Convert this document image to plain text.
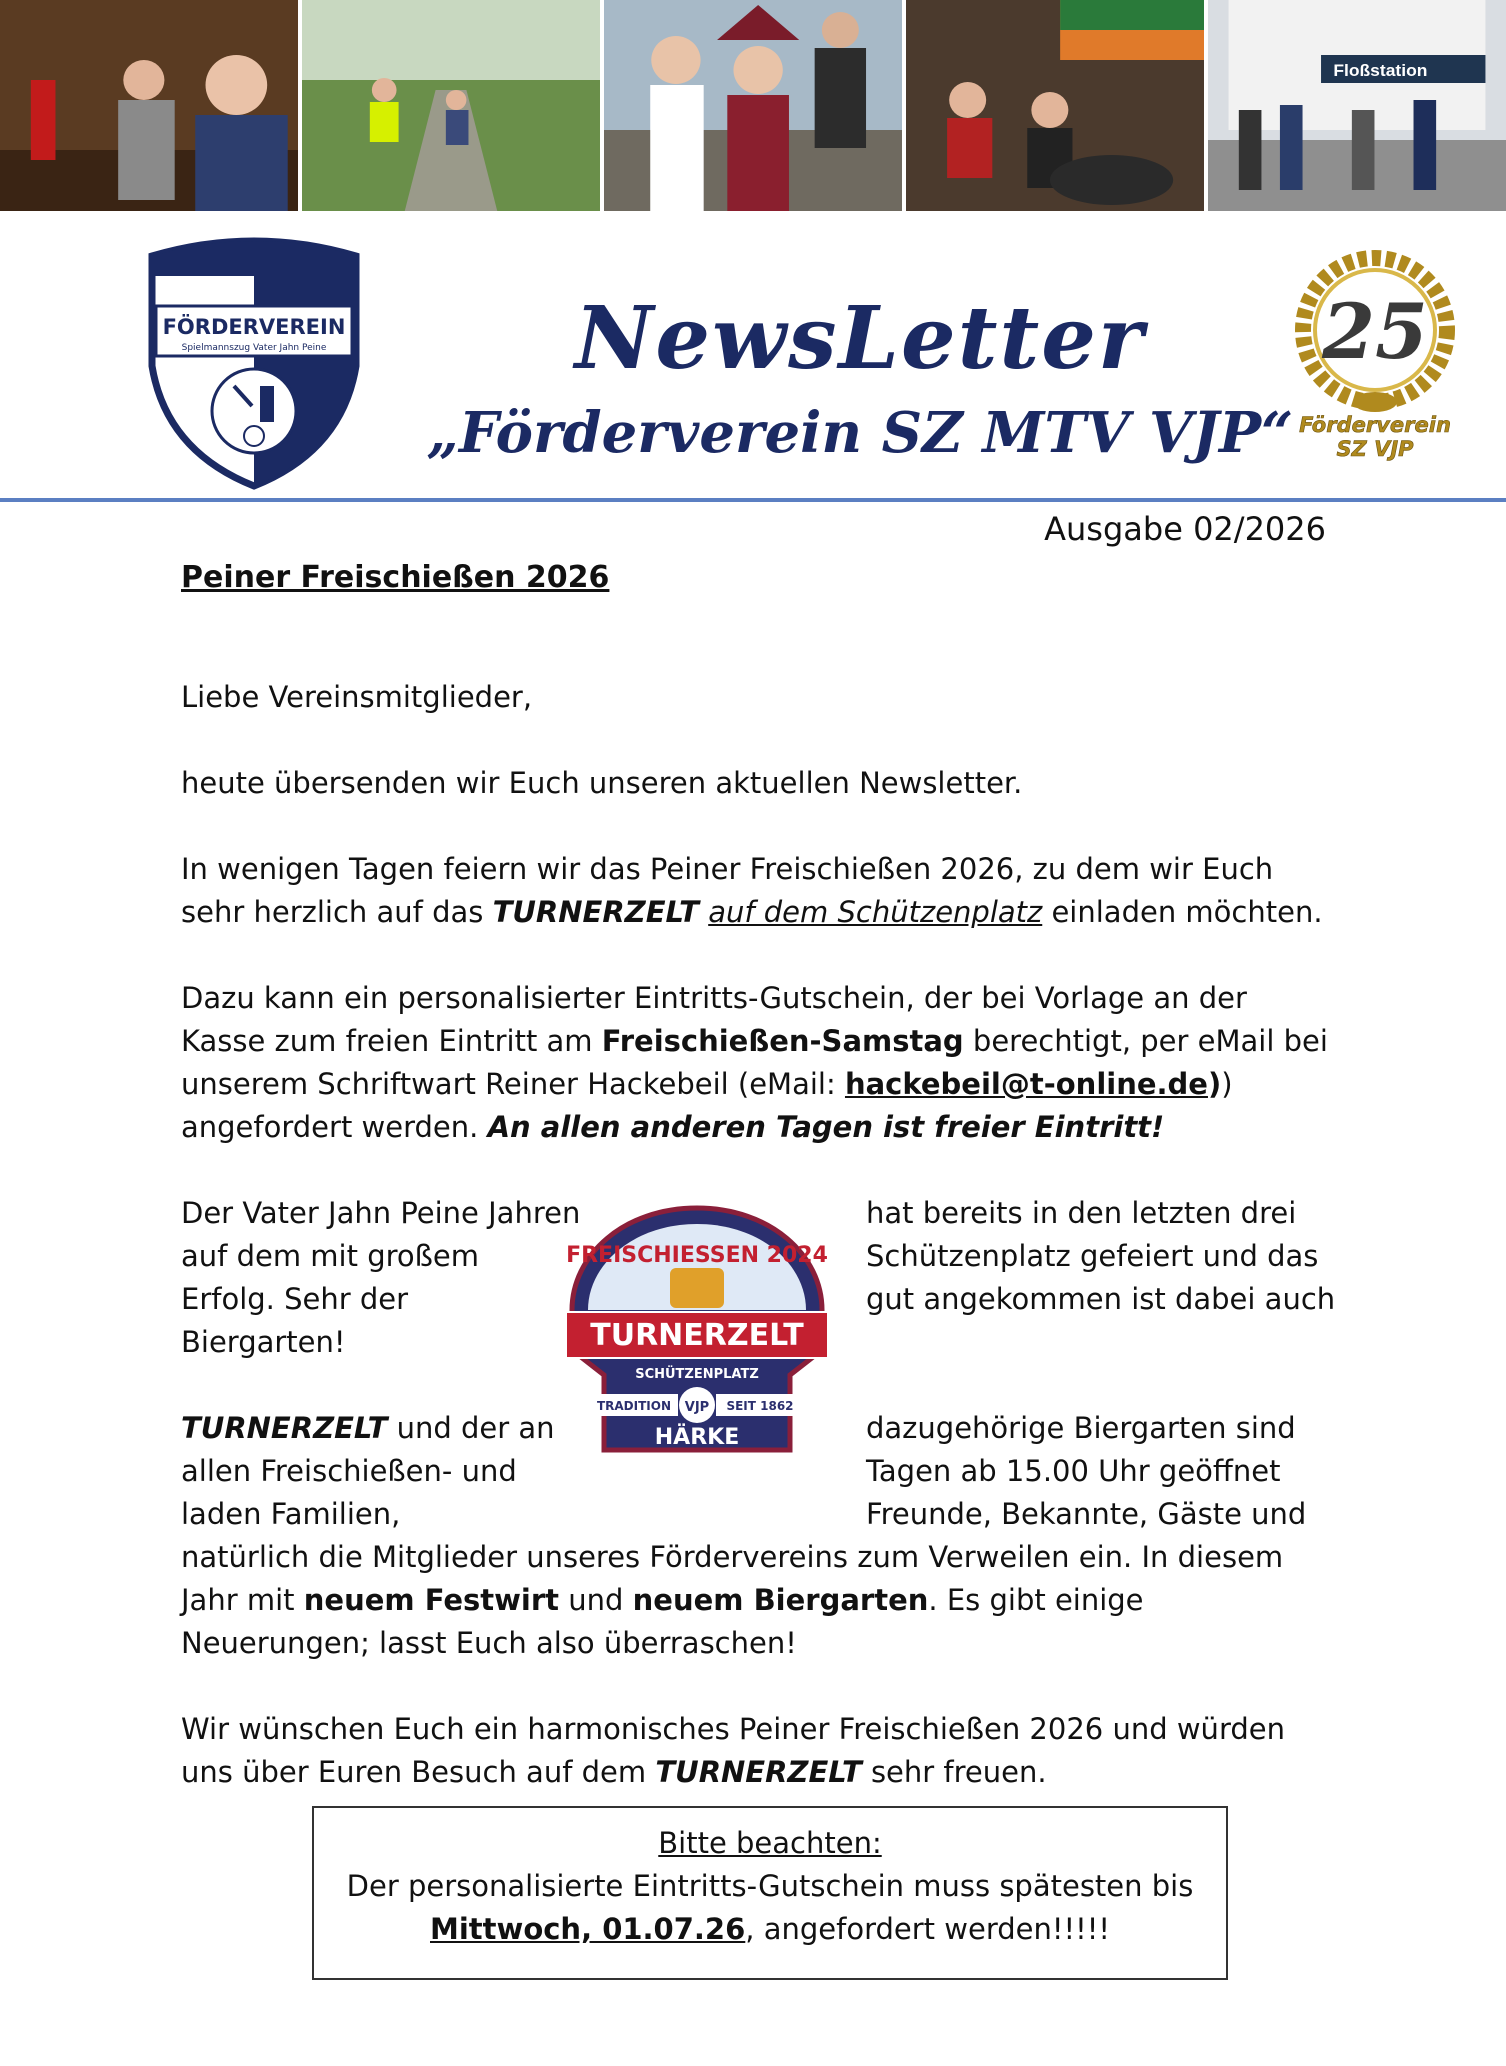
Floßstation
FÖRDERVEREIN
Spielmannszug Vater Jahn Peine	NewsLetter
„Förderverein SZ MTV VJP“
25
Förderverein
SZ VJP
Ausgabe 02/2026
Peiner Freischießen 2026

Liebe Vereinsmitglieder,

heute übersenden wir Euch unseren aktuellen Newsletter.

In wenigen Tagen feiern wir das Peiner Freischießen 2026, zu dem wir Euch sehr herzlich auf das TURNERZELT auf dem Schützenplatz einladen möchten.

Dazu kann ein personalisierter Eintritts-Gutschein, der bei Vorlage an der Kasse zum freien Eintritt am Freischießen-Samstag berechtigt, per eMail bei unserem Schriftwart Reiner Hackebeil (eMail: hackebeil@t-online.de)) angefordert werden. An allen anderen Tagen ist freier Eintritt!

Der Vater Jahn Peine Jahren auf dem mit großem Erfolg. Sehr der Biergarten!

hat bereits in den letzten drei Schützenplatz gefeiert und das gut angekommen ist dabei auch

FREISCHIESSEN 2024
TURNERZELT
SCHÜTZENPLATZ
TRADITION	SEIT 1862
VJP
HÄRKE

TURNERZELT und der an allen Freischießen- und laden Familien,

dazugehörige Biergarten sind Tagen ab 15.00 Uhr geöffnet Freunde, Bekannte, Gäste und

natürlich die Mitglieder unseres Fördervereins zum Verweilen ein. In diesem Jahr mit neuem Festwirt und neuem Biergarten. Es gibt einige Neuerungen; lasst Euch also überraschen!

Wir wünschen Euch ein harmonisches Peiner Freischießen 2026 und würden uns über Euren Besuch auf dem TURNERZELT sehr freuen.

Bitte beachten:
Der personalisierte Eintritts-Gutschein muss spätesten bis
Mittwoch, 01.07.26, angefordert werden!!!!!
